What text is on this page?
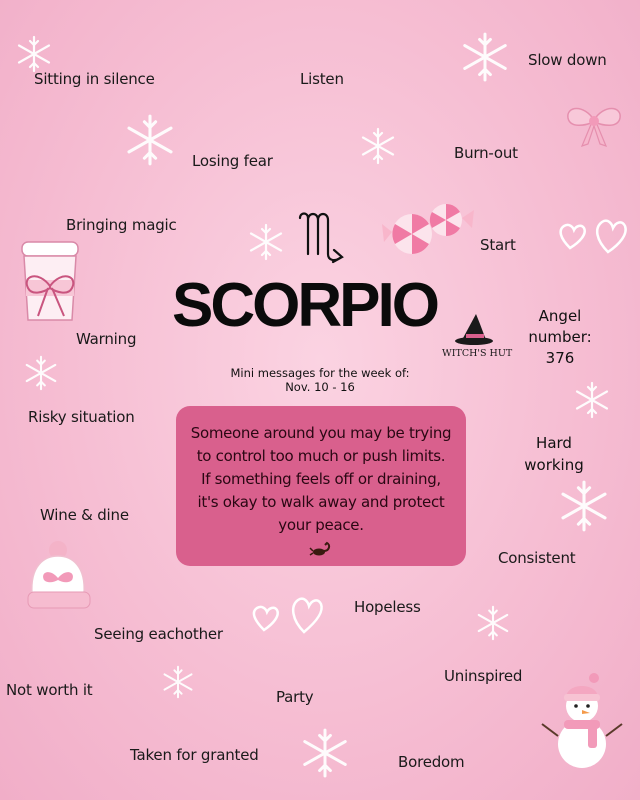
WITCH'S HUT
SCORPIO
Mini messages for the week of:
Nov. 10 - 16
Angel
number:
376
Someone around you may be trying to control too much or push limits. If something feels off or draining, it's okay to walk away and protect your peace.
Sitting in silence	Listen
Slow down
Losing fear	Burn-out
Bringing magic
Start
Warning
Risky situation
Hard
working
Wine & dine
Consistent
Hopeless
Seeing eachother
Not worth it
Uninspired
Party
Taken for granted	Boredom
